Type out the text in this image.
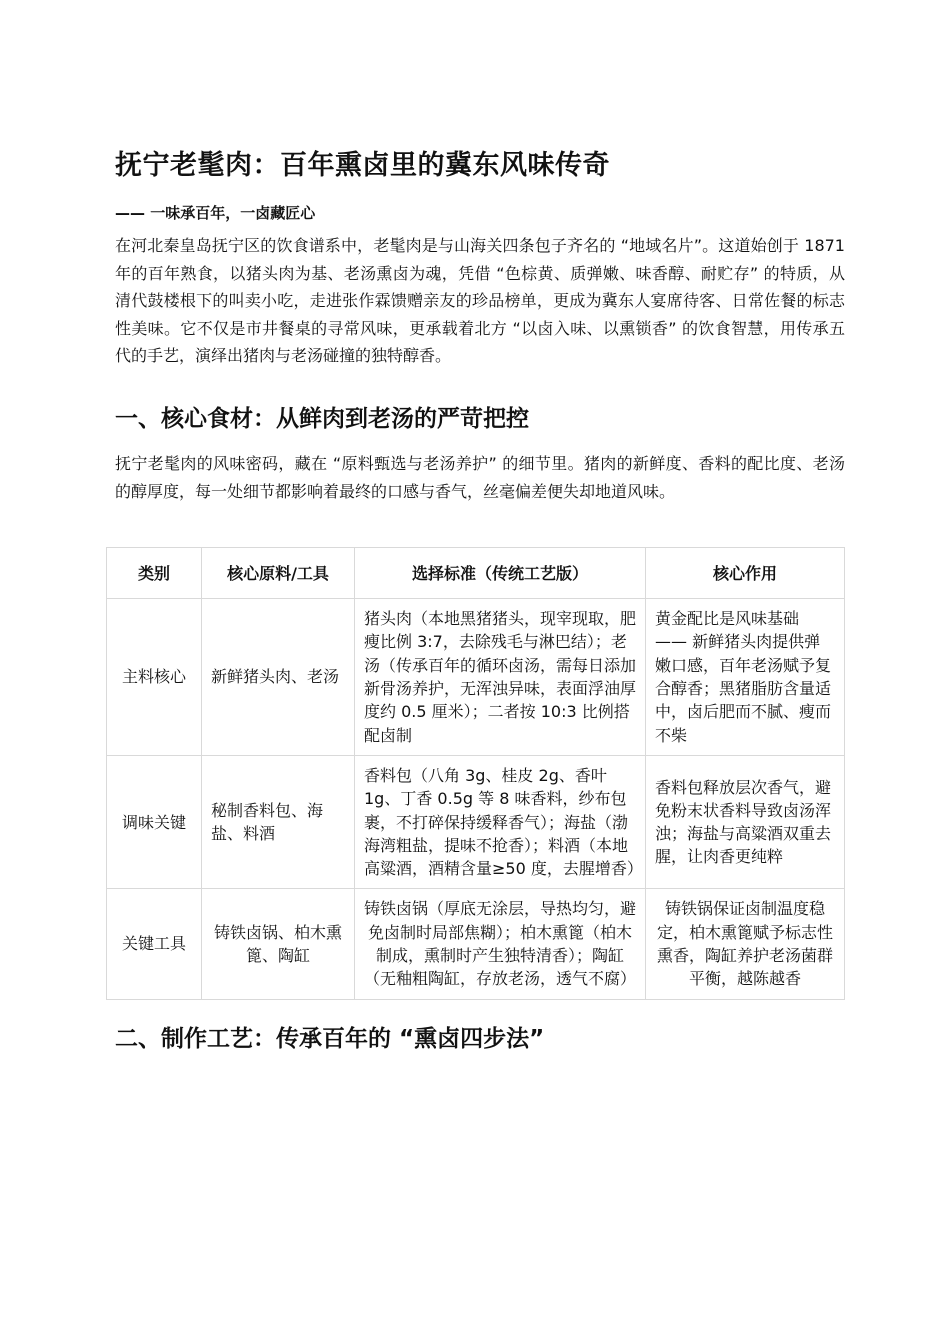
抚宁老髦肉：百年熏卤里的冀东风味传奇
—— 一味承百年，一卤藏匠心

在河北秦皇岛抚宁区的饮食谱系中，老髦肉是与山海关四条包子齐名的 “地域名片”。这道始创于 1871 年的百年熟食，以猪头肉为基、老汤熏卤为魂，凭借 “色棕黄、质弹嫩、味香醇、耐贮存” 的特质，从清代鼓楼根下的叫卖小吃，走进张作霖馈赠亲友的珍品榜单，更成为冀东人宴席待客、日常佐餐的标志性美味。它不仅是市井餐桌的寻常风味，更承载着北方 “以卤入味、以熏锁香” 的饮食智慧，用传承五代的手艺，演绎出猪肉与老汤碰撞的独特醇香。

一、核心食材：从鲜肉到老汤的严苛把控

抚宁老髦肉的风味密码，藏在 “原料甄选与老汤养护” 的细节里。猪肉的新鲜度、香料的配比度、老汤的醇厚度，每一处细节都影响着最终的口感与香气，丝毫偏差便失却地道风味。

类别	核心原料/工具	选择标准（传统工艺版）	核心作用
主料核心	新鲜猪头肉、老汤	猪头肉（本地黑猪猪头，现宰现取，肥瘦比例 3:7，去除残毛与淋巴结）；老汤（传承百年的循环卤汤，需每日添加新骨汤养护，无浑浊异味，表面浮油厚度约 0.5 厘米）；二者按 10:3 比例搭配卤制	黄金配比是风味基础 —— 新鲜猪头肉提供弹嫩口感，百年老汤赋予复合醇香；黑猪脂肪含量适中，卤后肥而不腻、瘦而不柴
调味关键	秘制香料包、海盐、料酒	香料包（八角 3g、桂皮 2g、香叶 1g、丁香 0.5g 等 8 味香料，纱布包裹，不打碎保持缓释香气）；海盐（渤海湾粗盐，提味不抢香）；料酒（本地高粱酒，酒精含量≥50 度，去腥增香）	香料包释放层次香气，避免粉末状香料导致卤汤浑浊；海盐与高粱酒双重去腥，让肉香更纯粹
关键工具	铸铁卤锅、柏木熏篦、陶缸	铸铁卤锅（厚底无涂层，导热均匀，避免卤制时局部焦糊）；柏木熏篦（柏木制成，熏制时产生独特清香）；陶缸（无釉粗陶缸，存放老汤，透气不腐）	铸铁锅保证卤制温度稳定，柏木熏篦赋予标志性熏香，陶缸养护老汤菌群平衡，越陈越香
二、制作工艺：传承百年的 “熏卤四步法”
